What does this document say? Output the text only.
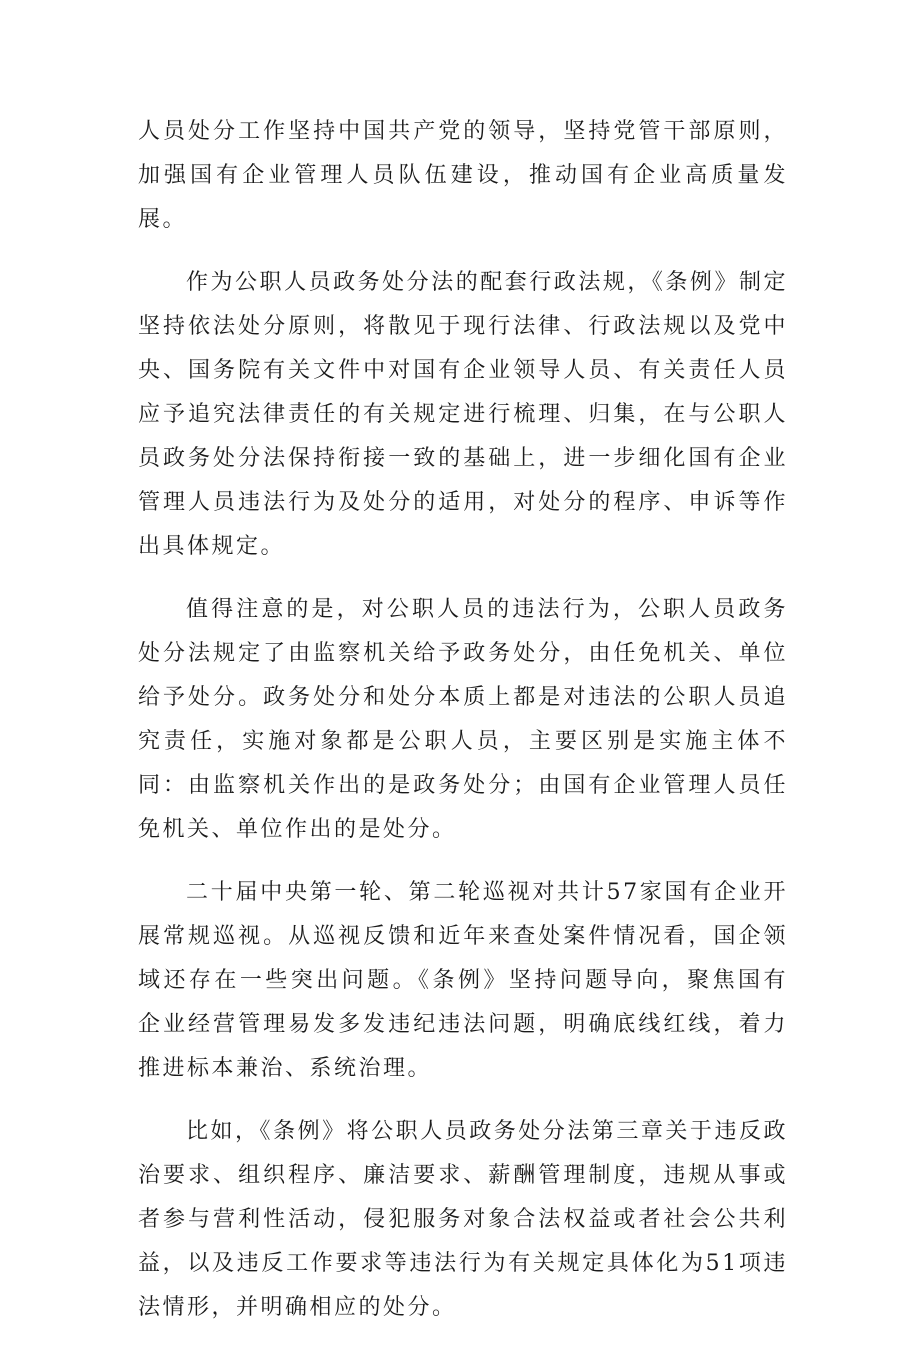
人员处分工作坚持中国共产党的领导，坚持党管干部原则，加强国有企业管理人员队伍建设，推动国有企业高质量发展。

作为公职人员政务处分法的配套行政法规，《条例》制定坚持依法处分原则，将散见于现行法律、行政法规以及党中央、国务院有关文件中对国有企业领导人员、有关责任人员应予追究法律责任的有关规定进行梳理、归集，在与公职人员政务处分法保持衔接一致的基础上，进一步细化国有企业管理人员违法行为及处分的适用，对处分的程序、申诉等作出具体规定。

值得注意的是，对公职人员的违法行为，公职人员政务处分法规定了由监察机关给予政务处分，由任免机关、单位给予处分。政务处分和处分本质上都是对违法的公职人员追究责任，实施对象都是公职人员，主要区别是实施主体不同：由监察机关作出的是政务处分；由国有企业管理人员任免机关、单位作出的是处分。

二十届中央第一轮、第二轮巡视对共计57家国有企业开展常规巡视。从巡视反馈和近年来查处案件情况看，国企领域还存在一些突出问题。《条例》坚持问题导向，聚焦国有企业经营管理易发多发违纪违法问题，明确底线红线，着力推进标本兼治、系统治理。

比如，《条例》将公职人员政务处分法第三章关于违反政治要求、组织程序、廉洁要求、薪酬管理制度，违规从事或者参与营利性活动，侵犯服务对象合法权益或者社会公共利益，以及违反工作要求等违法行为有关规定具体化为51项违法情形，并明确相应的处分。
